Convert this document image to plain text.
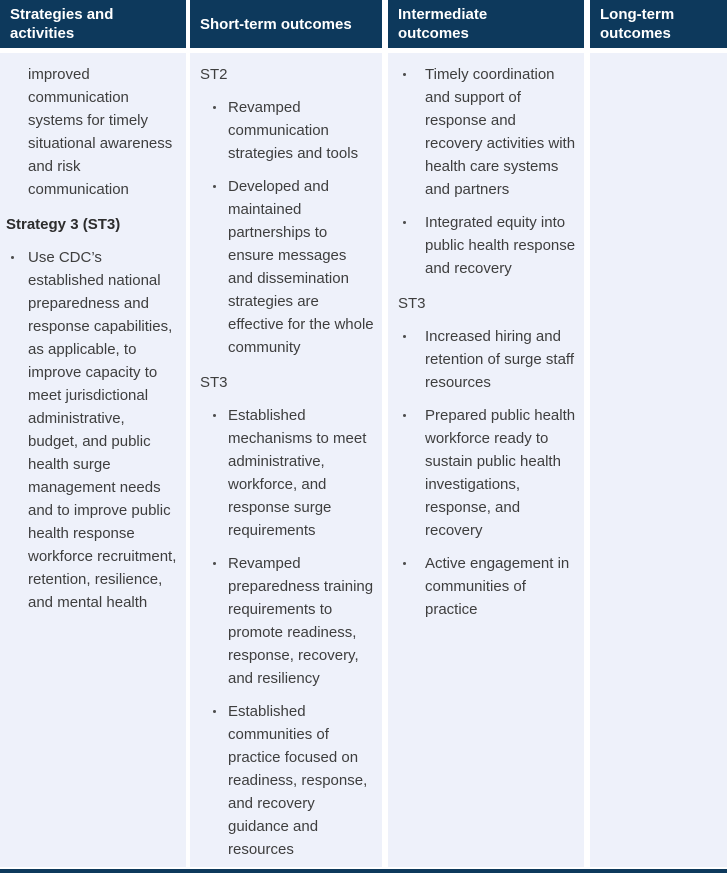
Strategies and activities
improved communication systems for timely situational awareness and risk communication
Strategy 3 (ST3)
Use CDC’s established national preparedness and response capabilities, as applicable, to improve capacity to meet jurisdictional administrative, budget, and public health surge management needs and to improve public health response workforce recruitment, retention, resilience, and mental health
Short-term outcomes
ST2
Revamped communication strategies and tools
Developed and maintained partnerships to ensure messages and dissemination strategies are effective for the whole community
ST3
Established mechanisms to meet administrative, workforce, and response surge requirements
Revamped preparedness training requirements to promote readiness, response, recovery, and resiliency
Established communities of practice focused on readiness, response, and recovery guidance and resources
Intermediate outcomes
Timely coordination and support of response and recovery activities with health care systems and partners
Integrated equity into public health response and recovery
ST3
Increased hiring and retention of surge staff resources
Prepared public health workforce ready to sustain public health investigations, response, and recovery
Active engagement in communities of practice
Long-term outcomes
